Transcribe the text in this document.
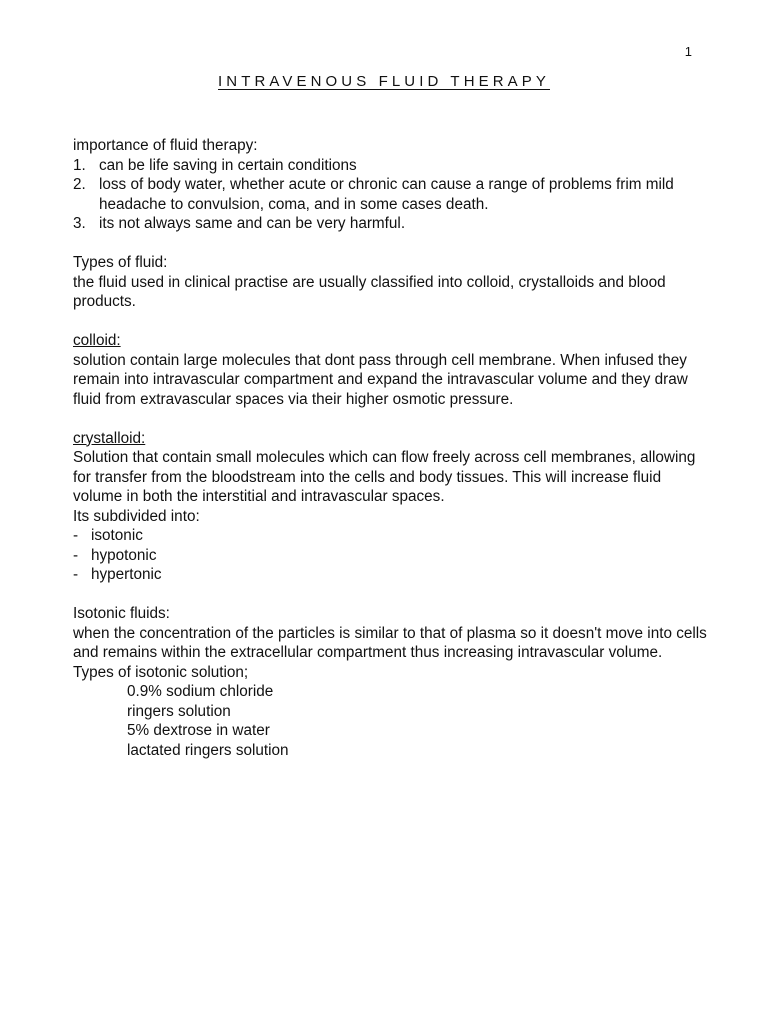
1
INTRAVENOUS FLUID THERAPY

importance of fluid therapy:

1. can be life saving in certain conditions
2. loss of body water, whether acute or chronic can cause a range of problems frim mild headache to convulsion, coma, and in some cases death.
3. its not always same and can be very harmful.

Types of fluid:

the fluid used in clinical practise are usually classified into colloid, crystalloids and blood products.

colloid:

solution contain large molecules that dont pass through cell membrane. When infused they remain into intravascular compartment and expand the intravascular volume and they draw fluid from extravascular spaces via their higher osmotic pressure.

crystalloid:

Solution that contain small molecules which can flow freely across cell membranes, allowing for transfer from the bloodstream into the cells and body tissues. This will increase fluid volume in both the interstitial and intravascular spaces.

Its subdivided into:

- isotonic
- hypotonic
- hypertonic

Isotonic fluids:

when the concentration of the particles is similar to that of plasma so it doesn't move into cells and remains within the extracellular compartment thus increasing intravascular volume.

Types of isotonic solution;

0.9% sodium chloride
ringers solution
5% dextrose in water
lactated ringers solution
